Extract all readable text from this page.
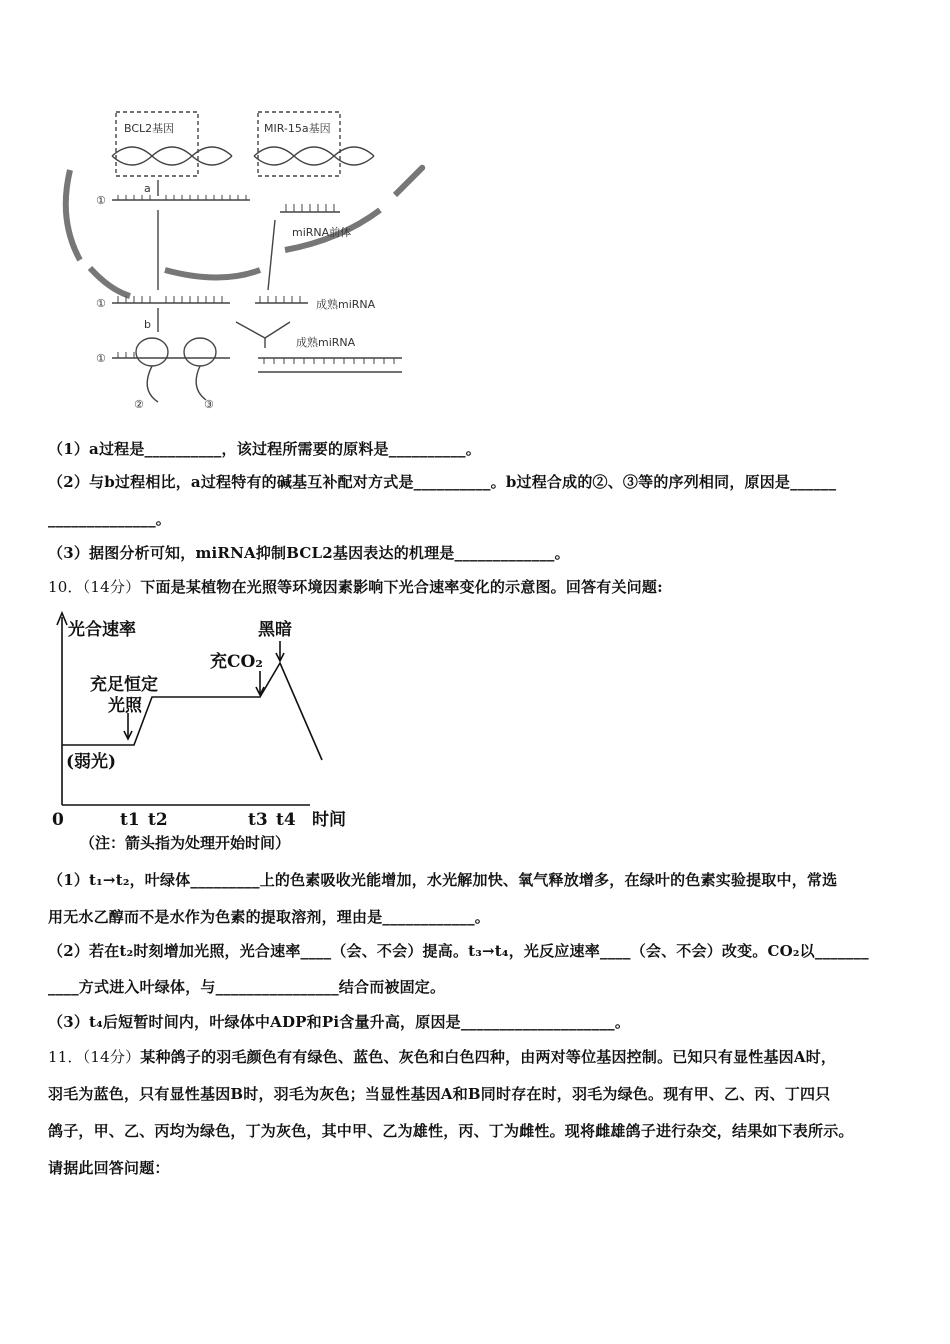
BCL2基因	MIR-15a基因
a
①
miRNA前体
①	成熟miRNA
b
成熟miRNA
①
②	③
（1）a过程是__________，该过程所需要的原料是__________。
（2）与b过程相比，a过程特有的碱基互补配对方式是__________。b过程合成的②、③等的序列相同，原因是______
______________。
（3）据图分析可知，miRNA抑制BCL2基因表达的机理是_____________。
10．（14分）下面是某植物在光照等环境因素影响下光合速率变化的示意图。回答有关问题:
光合速率	黑暗
充CO₂
充足恒定
光照
(弱光)
0	t1 t2	t3 t4 时间
（注：箭头指为处理开始时间）
（1）t₁→t₂，叶绿体_________上的色素吸收光能增加，水光解加快、氧气释放增多，在绿叶的色素实验提取中，常选
用无水乙醇而不是水作为色素的提取溶剂，理由是____________。
（2）若在t₂时刻增加光照，光合速率____（会、不会）提高。t₃→t₄，光反应速率____（会、不会）改变。CO₂以_______
____方式进入叶绿体，与________________结合而被固定。
（3）t₄后短暂时间内，叶绿体中ADP和Pi含量升高，原因是____________________。
11．（14分）某种鸽子的羽毛颜色有有绿色、蓝色、灰色和白色四种，由两对等位基因控制。已知只有显性基因A时，
羽毛为蓝色，只有显性基因B时，羽毛为灰色；当显性基因A和B同时存在时，羽毛为绿色。现有甲、乙、丙、丁四只
鸽子，甲、乙、丙均为绿色，丁为灰色，其中甲、乙为雄性，丙、丁为雌性。现将雌雄鸽子进行杂交，结果如下表所示。
请据此回答问题：
